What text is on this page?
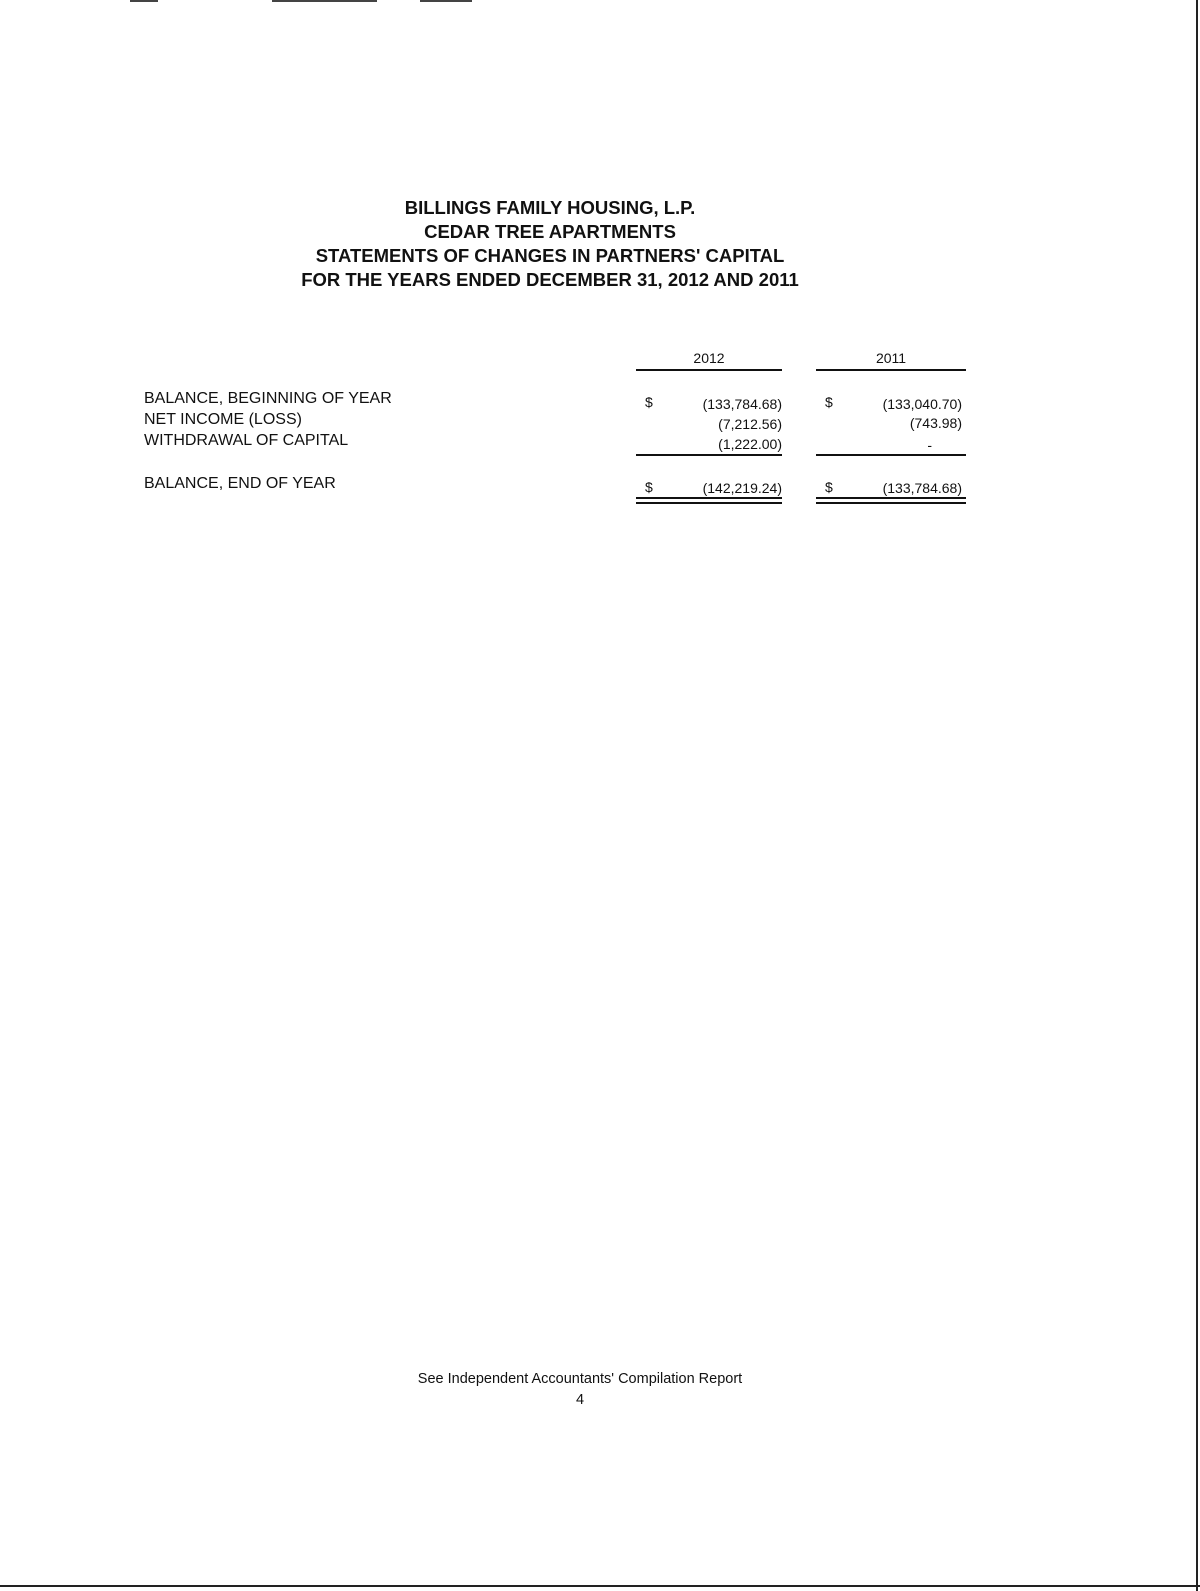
BILLINGS FAMILY HOUSING, L.P.
CEDAR TREE APARTMENTS
STATEMENTS OF CHANGES IN PARTNERS' CAPITAL
FOR THE YEARS ENDED DECEMBER 31, 2012 AND 2011
2012	2011
BALANCE, BEGINNING OF YEAR	$	(133,784.68)	$	(133,040.70)
NET INCOME (LOSS)	(7,212.56)	(743.98)
WITHDRAWAL OF CAPITAL	(1,222.00)	-
BALANCE, END OF YEAR	$	(142,219.24)	$	(133,784.68)
See Independent Accountants' Compilation Report
4
